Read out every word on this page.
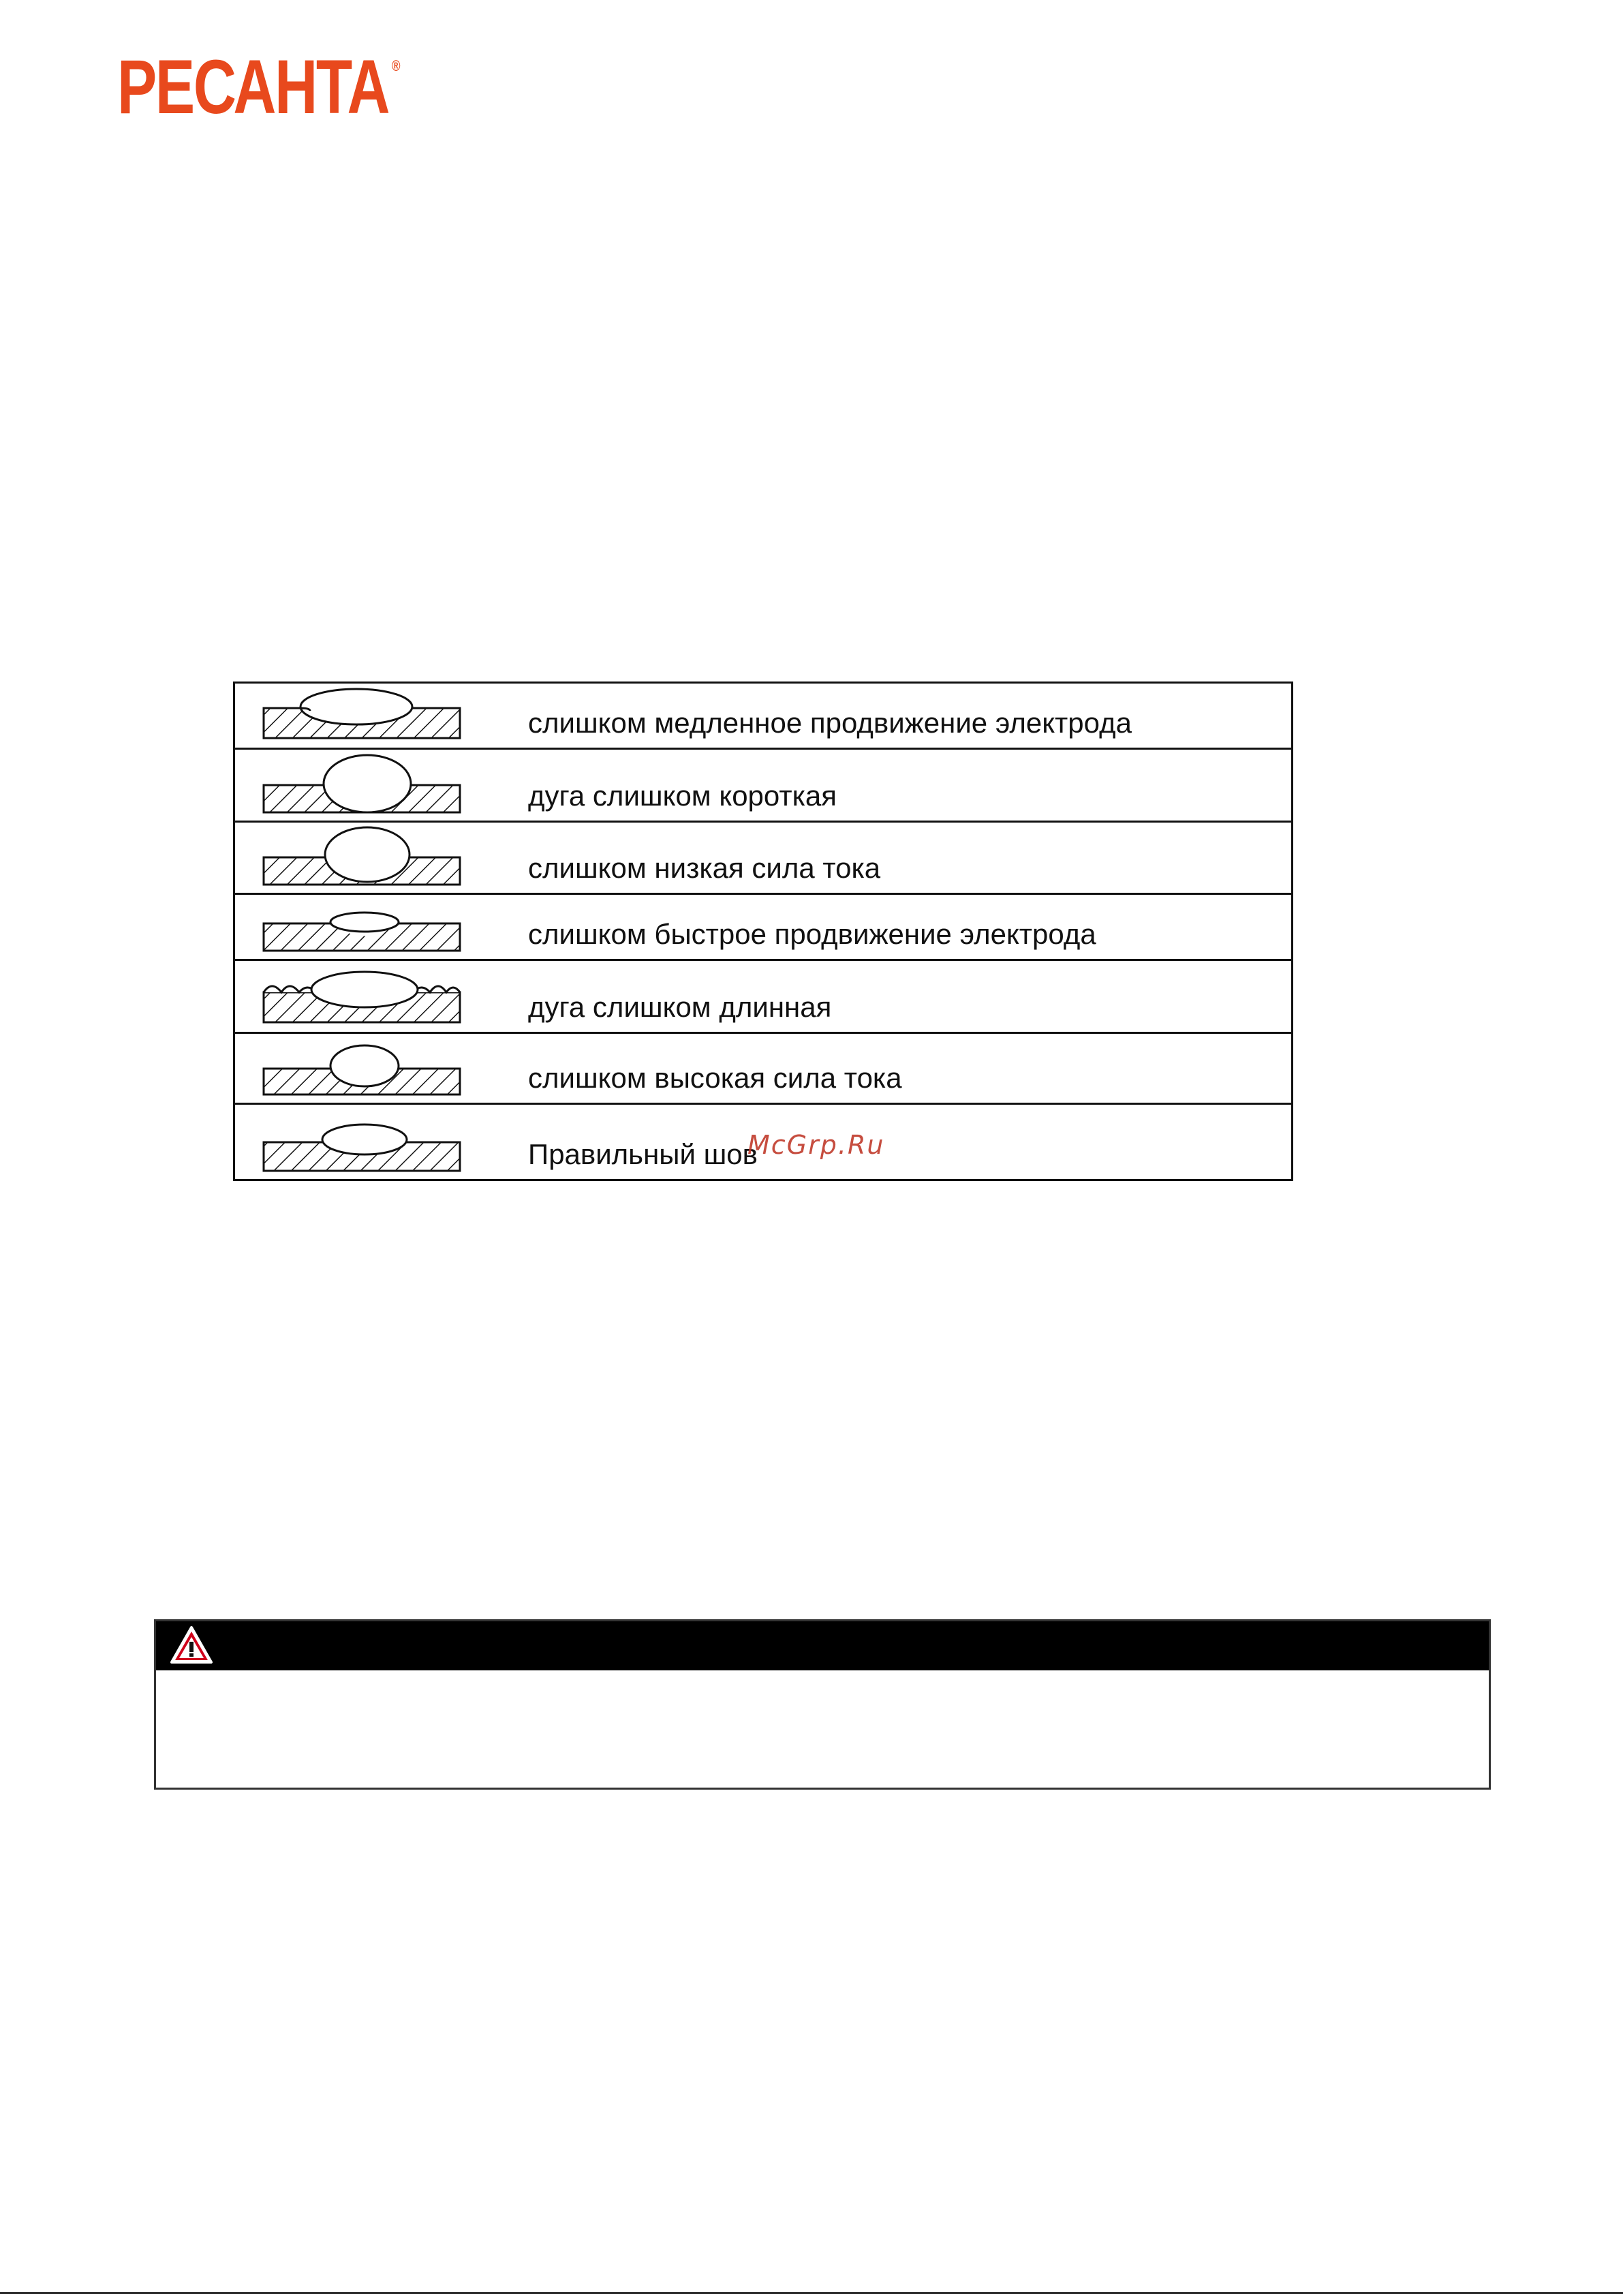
РЕСАНТА ®
	слишком медленное продвижение электрода

	дуга слишком короткая

	слишком низкая сила тока

	слишком быстрое продвижение электрода

	дуга слишком длинная

	слишком высокая сила тока

	Правильный шов
McGrp.Ru
